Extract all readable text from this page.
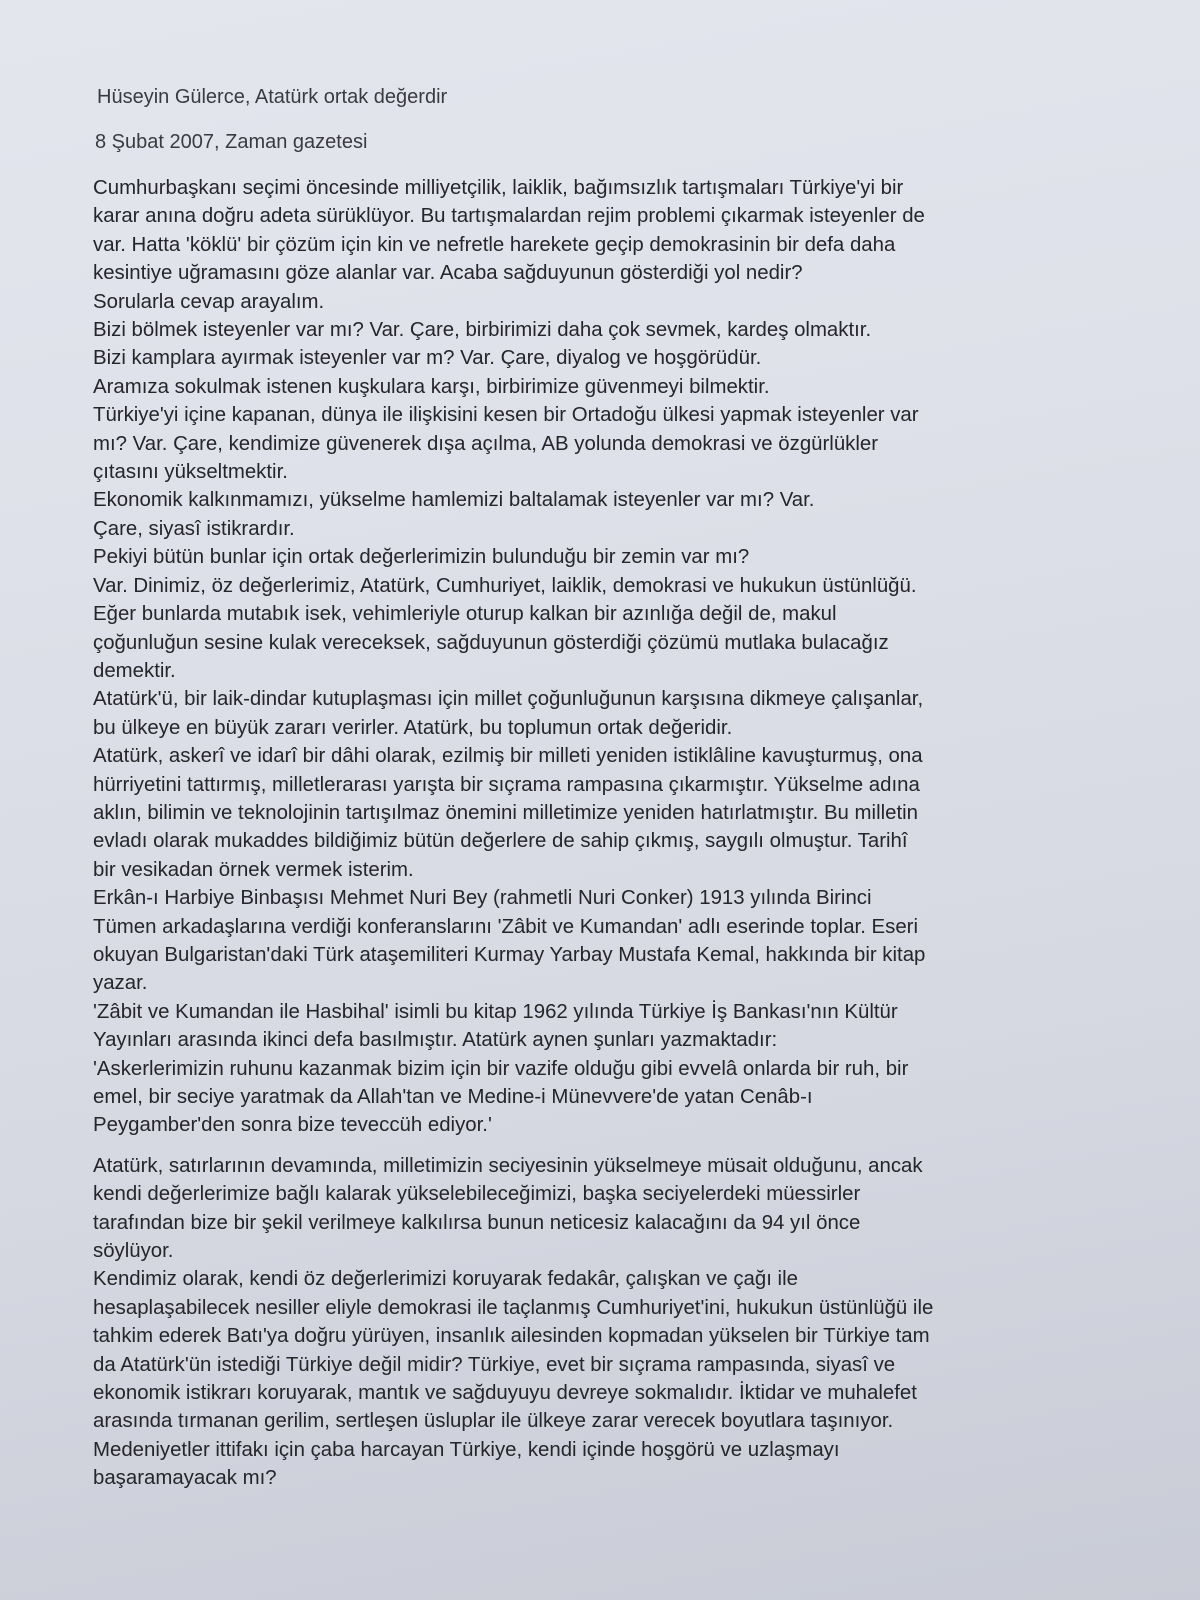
Hüseyin Gülerce, Atatürk ortak değerdir
8 Şubat 2007, Zaman gazetesi
Cumhurbaşkanı seçimi öncesinde milliyetçilik, laiklik, bağımsızlık tartışmaları Türkiye'yi bir
karar anına doğru adeta sürüklüyor. Bu tartışmalardan rejim problemi çıkarmak isteyenler de
var. Hatta 'köklü' bir çözüm için kin ve nefretle harekete geçip demokrasinin bir defa daha
kesintiye uğramasını göze alanlar var. Acaba sağduyunun gösterdiği yol nedir?
Sorularla cevap arayalım.
Bizi bölmek isteyenler var mı? Var. Çare, birbirimizi daha çok sevmek, kardeş olmaktır.
Bizi kamplara ayırmak isteyenler var m? Var. Çare, diyalog ve hoşgörüdür.
Aramıza sokulmak istenen kuşkulara karşı, birbirimize güvenmeyi bilmektir.
Türkiye'yi içine kapanan, dünya ile ilişkisini kesen bir Ortadoğu ülkesi yapmak isteyenler var
mı? Var. Çare, kendimize güvenerek dışa açılma, AB yolunda demokrasi ve özgürlükler
çıtasını yükseltmektir.
Ekonomik kalkınmamızı, yükselme hamlemizi baltalamak isteyenler var mı? Var.
Çare, siyasî istikrardır.
Pekiyi bütün bunlar için ortak değerlerimizin bulunduğu bir zemin var mı?
Var. Dinimiz, öz değerlerimiz, Atatürk, Cumhuriyet, laiklik, demokrasi ve hukukun üstünlüğü.
Eğer bunlarda mutabık isek, vehimleriyle oturup kalkan bir azınlığa değil de, makul
çoğunluğun sesine kulak vereceksek, sağduyunun gösterdiği çözümü mutlaka bulacağız
demektir.
Atatürk'ü, bir laik-dindar kutuplaşması için millet çoğunluğunun karşısına dikmeye çalışanlar,
bu ülkeye en büyük zararı verirler. Atatürk, bu toplumun ortak değeridir.
Atatürk, askerî ve idarî bir dâhi olarak, ezilmiş bir milleti yeniden istiklâline kavuşturmuş, ona
hürriyetini tattırmış, milletlerarası yarışta bir sıçrama rampasına çıkarmıştır. Yükselme adına
aklın, bilimin ve teknolojinin tartışılmaz önemini milletimize yeniden hatırlatmıştır. Bu milletin
evladı olarak mukaddes bildiğimiz bütün değerlere de sahip çıkmış, saygılı olmuştur. Tarihî
bir vesikadan örnek vermek isterim.
Erkân-ı Harbiye Binbaşısı Mehmet Nuri Bey (rahmetli Nuri Conker) 1913 yılında Birinci
Tümen arkadaşlarına verdiği konferanslarını 'Zâbit ve Kumandan' adlı eserinde toplar. Eseri
okuyan Bulgaristan'daki Türk ataşemiliteri Kurmay Yarbay Mustafa Kemal, hakkında bir kitap
yazar.
'Zâbit ve Kumandan ile Hasbihal' isimli bu kitap 1962 yılında Türkiye İş Bankası'nın Kültür
Yayınları arasında ikinci defa basılmıştır. Atatürk aynen şunları yazmaktadır:
'Askerlerimizin ruhunu kazanmak bizim için bir vazife olduğu gibi evvelâ onlarda bir ruh, bir
emel, bir seciye yaratmak da Allah'tan ve Medine-i Münevvere'de yatan Cenâb-ı
Peygamber'den sonra bize teveccüh ediyor.'
Atatürk, satırlarının devamında, milletimizin seciyesinin yükselmeye müsait olduğunu, ancak
kendi değerlerimize bağlı kalarak yükselebileceğimizi, başka seciyelerdeki müessirler
tarafından bize bir şekil verilmeye kalkılırsa bunun neticesiz kalacağını da 94 yıl önce
söylüyor.
Kendimiz olarak, kendi öz değerlerimizi koruyarak fedakâr, çalışkan ve çağı ile
hesaplaşabilecek nesiller eliyle demokrasi ile taçlanmış Cumhuriyet'ini, hukukun üstünlüğü ile
tahkim ederek Batı'ya doğru yürüyen, insanlık ailesinden kopmadan yükselen bir Türkiye tam
da Atatürk'ün istediği Türkiye değil midir? Türkiye, evet bir sıçrama rampasında, siyasî ve
ekonomik istikrarı koruyarak, mantık ve sağduyuyu devreye sokmalıdır. İktidar ve muhalefet
arasında tırmanan gerilim, sertleşen üsluplar ile ülkeye zarar verecek boyutlara taşınıyor.
Medeniyetler ittifakı için çaba harcayan Türkiye, kendi içinde hoşgörü ve uzlaşmayı
başaramayacak mı?
